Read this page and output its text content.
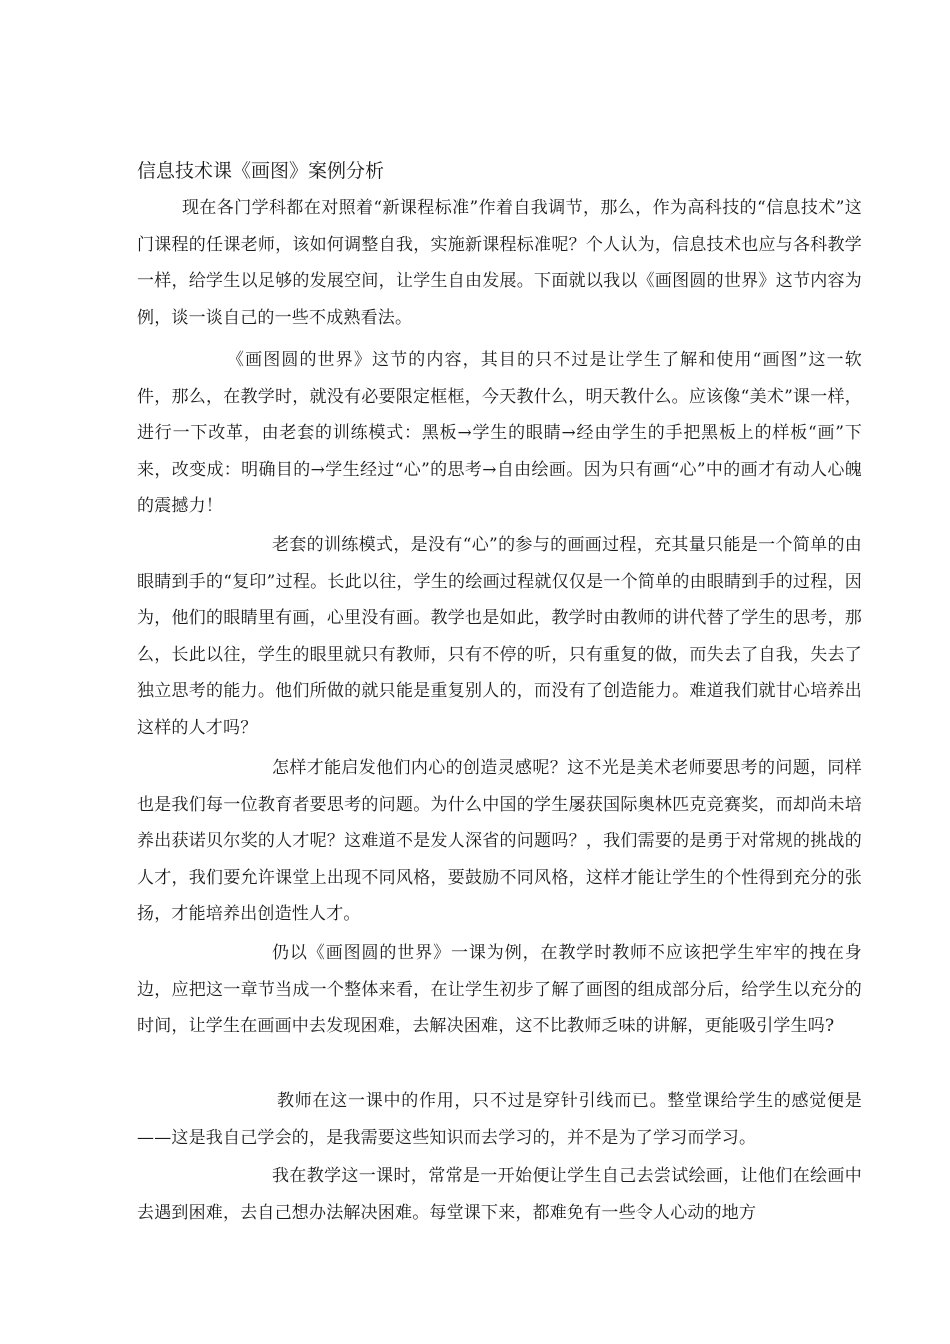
信息技术课《画图》案例分析

现在各门学科都在对照着“新课程标准”作着自我调节，那么，作为高科技的“信息技术”这门课程的任课老师，该如何调整自我，实施新课程标准呢？个人认为，信息技术也应与各科教学一样，给学生以足够的发展空间，让学生自由发展。下面就以我以《画图圆的世界》这节内容为例，谈一谈自己的一些不成熟看法。

《画图圆的世界》这节的内容，其目的只不过是让学生了解和使用“画图”这一软件，那么，在教学时，就没有必要限定框框，今天教什么，明天教什么。应该像“美术”课一样，进行一下改革，由老套的训练模式：黑板→学生的眼睛→经由学生的手把黑板上的样板“画”下来，改变成：明确目的→学生经过“心”的思考→自由绘画。因为只有画“心”中的画才有动人心魄的震撼力！

老套的训练模式，是没有“心”的参与的画画过程，充其量只能是一个简单的由眼睛到手的“复印”过程。长此以往，学生的绘画过程就仅仅是一个简单的由眼睛到手的过程，因为，他们的眼睛里有画，心里没有画。教学也是如此，教学时由教师的讲代替了学生的思考，那么，长此以往，学生的眼里就只有教师，只有不停的听，只有重复的做，而失去了自我，失去了独立思考的能力。他们所做的就只能是重复别人的，而没有了创造能力。难道我们就甘心培养出这样的人才吗？

怎样才能启发他们内心的创造灵感呢？这不光是美术老师要思考的问题，同样也是我们每一位教育者要思考的问题。为什么中国的学生屡获国际奥林匹克竞赛奖，而却尚未培养出获诺贝尔奖的人才呢？这难道不是发人深省的问题吗？，我们需要的是勇于对常规的挑战的人才，我们要允许课堂上出现不同风格，要鼓励不同风格，这样才能让学生的个性得到充分的张扬，才能培养出创造性人才。

仍以《画图圆的世界》一课为例，在教学时教师不应该把学生牢牢的拽在身边，应把这一章节当成一个整体来看，在让学生初步了解了画图的组成部分后，给学生以充分的时间，让学生在画画中去发现困难，去解决困难，这不比教师乏味的讲解，更能吸引学生吗?

教师在这一课中的作用，只不过是穿针引线而已。整堂课给学生的感觉便是——这是我自己学会的，是我需要这些知识而去学习的，并不是为了学习而学习。

我在教学这一课时，常常是一开始便让学生自己去尝试绘画，让他们在绘画中去遇到困难，去自己想办法解决困难。每堂课下来，都难免有一些令人心动的地方
